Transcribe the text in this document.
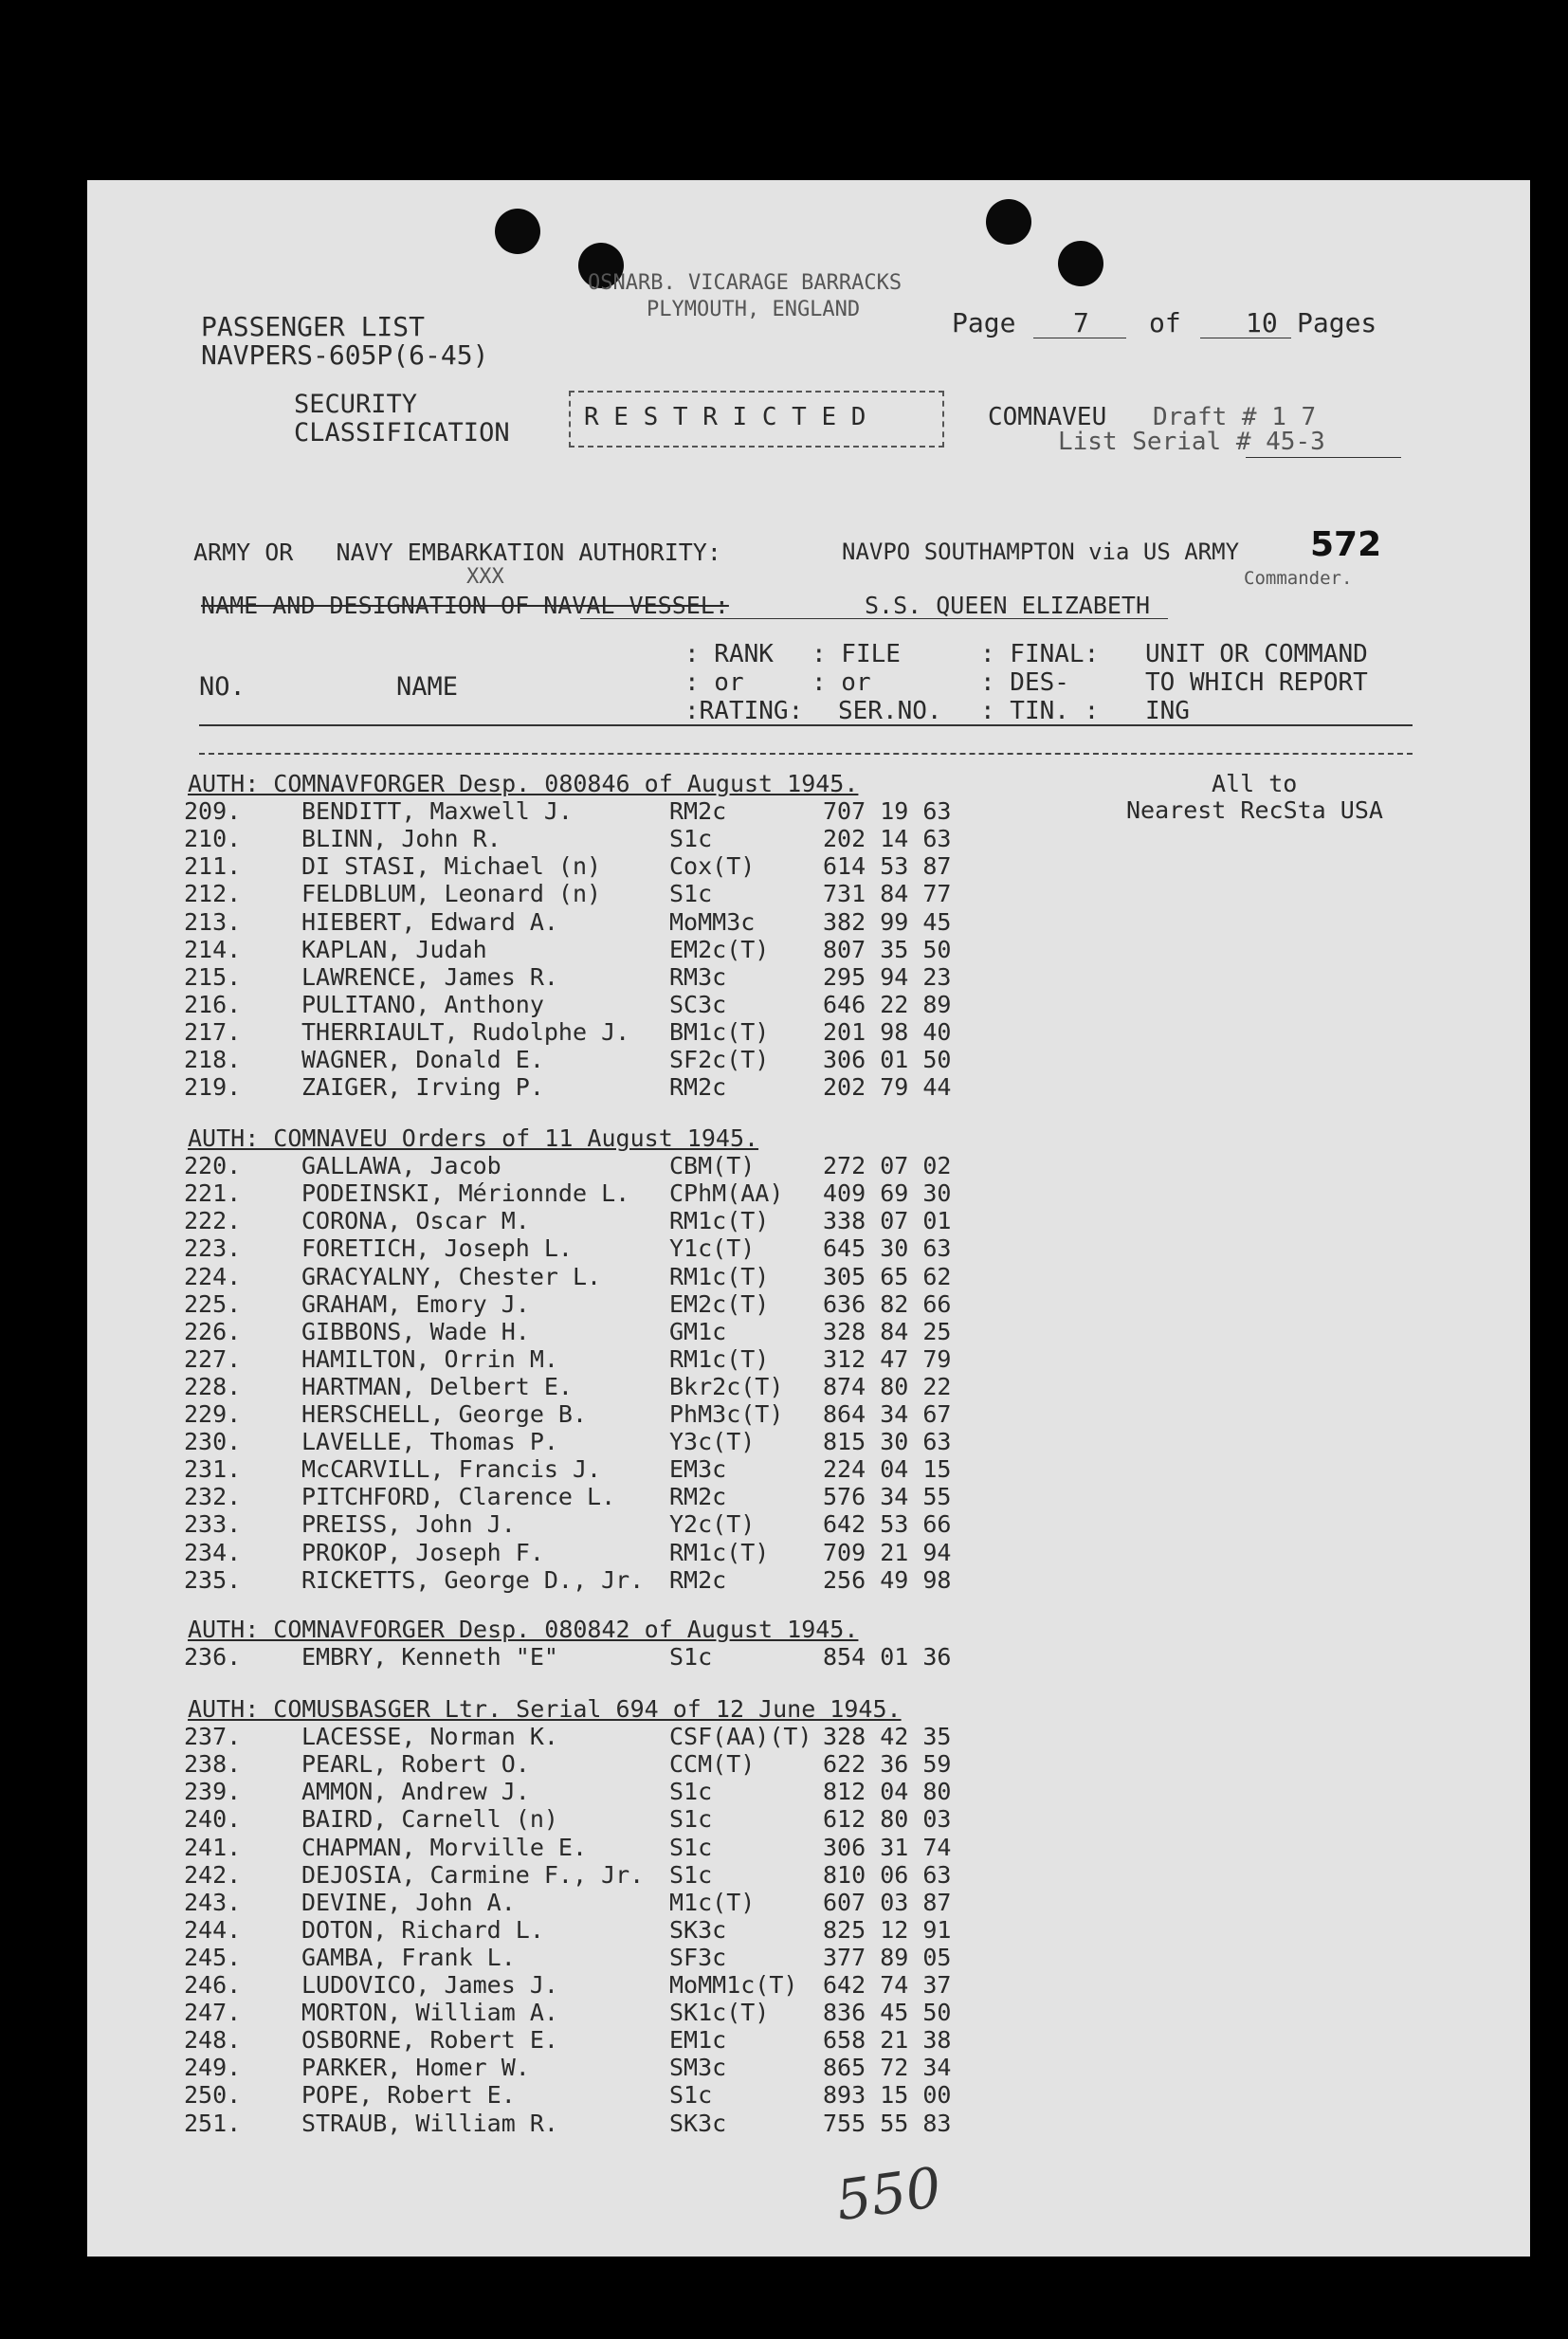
OSNARB. VICARAGE BARRACKS
PLYMOUTH, ENGLAND
PASSENGER LIST
NAVPERS-605P(6-45)
Page 7 of 10 Pages
SECURITY
CLASSIFICATION
R E S T R I C T E D	COMNAVEU Draft # 1 7
List Serial # 45-3
ARMY OR   NAVY EMBARKATION AUTHORITY:	NAVPO SOUTHAMPTON via US ARMY 572
Commander.
XXX
NAME AND DESIGNATION OF NAVAL VESSEL:	S.S. QUEEN ELIZABETH
NO.	NAME
: RANK
: or
:RATING:
: FILE
: or
SER.NO.
: FINAL:
: DES-
: TIN. :
UNIT OR COMMAND
TO WHICH REPORT
ING
All to
Nearest RecSta USA
AUTH: COMNAVFORGER Desp. 080846 of August 1945.
209.	BENDITT, Maxwell J.	RM2c	707 19 63
210.	BLINN, John R.	S1c	202 14 63
211.	DI STASI, Michael (n)	Cox(T)	614 53 87
212.	FELDBLUM, Leonard (n)	S1c	731 84 77
213.	HIEBERT, Edward A.	MoMM3c	382 99 45
214.	KAPLAN, Judah	EM2c(T) 807 35 50
215.	LAWRENCE, James R.	RM3c	295 94 23
216.	PULITANO, Anthony	SC3c	646 22 89
217.	THERRIAULT, Rudolphe J. BM1c(T) 201 98 40
218.	WAGNER, Donald E.	SF2c(T) 306 01 50
219.	ZAIGER, Irving P.	RM2c	202 79 44
AUTH: COMNAVEU Orders of 11 August 1945.
220.	GALLAWA, Jacob	CBM(T)	272 07 02
221.	PODEINSKI, Mérionnde L. CPhM(AA) 409 69 30
222.	CORONA, Oscar M.	RM1c(T) 338 07 01
223.	FORETICH, Joseph L.	Y1c(T)	645 30 63
224.	GRACYALNY, Chester L.	RM1c(T) 305 65 62
225.	GRAHAM, Emory J.	EM2c(T) 636 82 66
226.	GIBBONS, Wade H.	GM1c	328 84 25
227.	HAMILTON, Orrin M.	RM1c(T) 312 47 79
228.	HARTMAN, Delbert E.	Bkr2c(T) 874 80 22
229.	HERSCHELL, George B.	PhM3c(T) 864 34 67
230.	LAVELLE, Thomas P.	Y3c(T)	815 30 63
231.	McCARVILL, Francis J.	EM3c	224 04 15
232.	PITCHFORD, Clarence L. RM2c	576 34 55
233.	PREISS, John J.	Y2c(T)	642 53 66
234.	PROKOP, Joseph F.	RM1c(T) 709 21 94
235.	RICKETTS, George D., Jr. RM2c	256 49 98
AUTH: COMNAVFORGER Desp. 080842 of August 1945.
236.	EMBRY, Kenneth "E"	S1c	854 01 36
AUTH: COMUSBASGER Ltr. Serial 694 of 12 June 1945.
237.	LACESSE, Norman K.	CSF(AA)(T) 328 42 35
238.	PEARL, Robert O.	CCM(T)	622 36 59
239.	AMMON, Andrew J.	S1c	812 04 80
240.	BAIRD, Carnell (n)	S1c	612 80 03
241.	CHAPMAN, Morville E.	S1c	306 31 74
242.	DEJOSIA, Carmine F., Jr. S1c	810 06 63
243.	DEVINE, John A.	M1c(T)	607 03 87
244.	DOTON, Richard L.	SK3c	825 12 91
245.	GAMBA, Frank L.	SF3c	377 89 05
246.	LUDOVICO, James J.	MoMM1c(T) 642 74 37
247.	MORTON, William A.	SK1c(T) 836 45 50
248.	OSBORNE, Robert E.	EM1c	658 21 38
249.	PARKER, Homer W.	SM3c	865 72 34
250.	POPE, Robert E.	S1c	893 15 00
251.	STRAUB, William R.	SK3c	755 55 83
550
